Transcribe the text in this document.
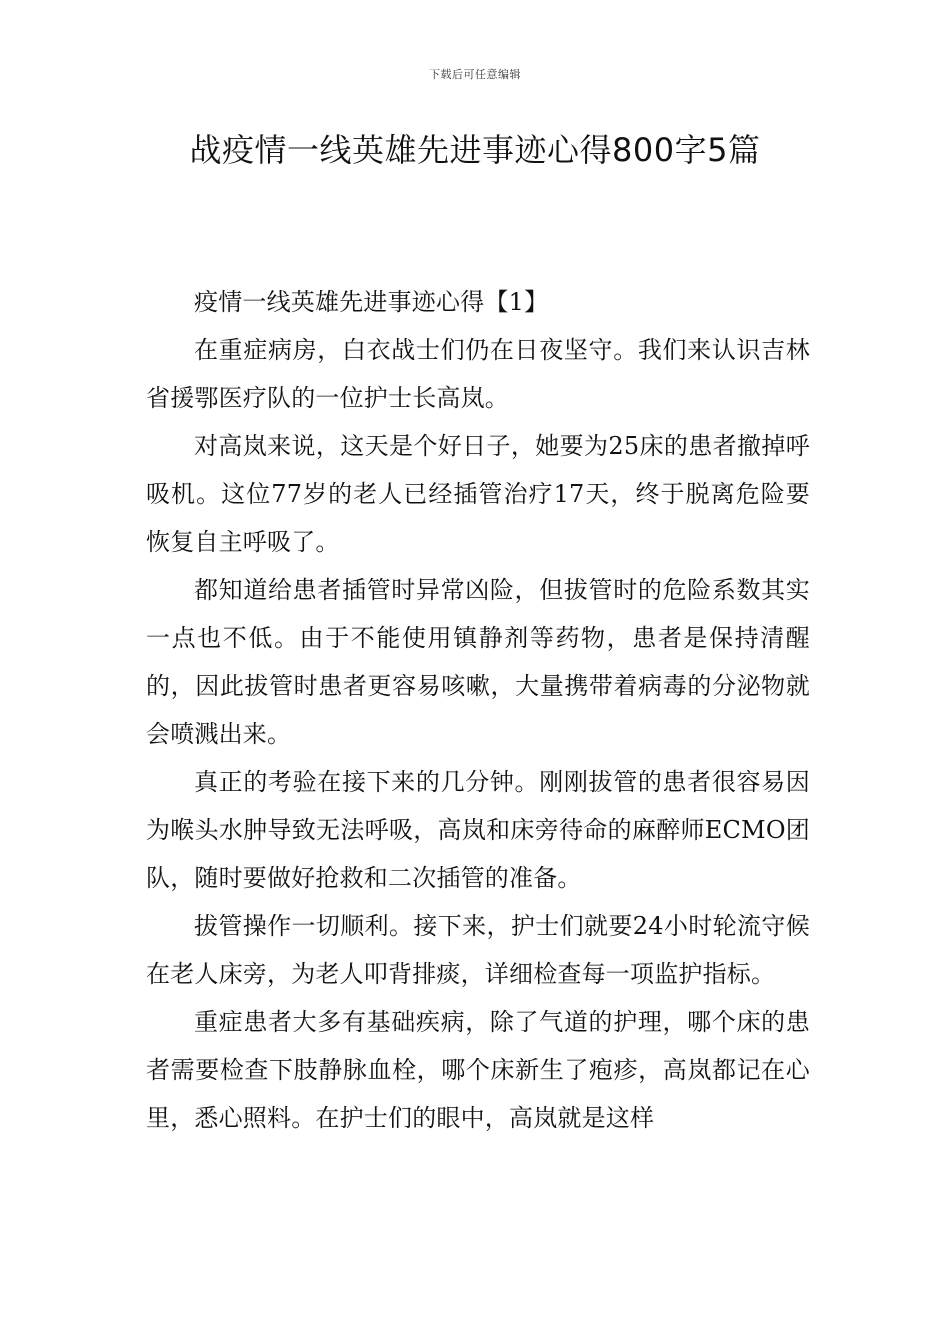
下载后可任意编辑
战疫情一线英雄先进事迹心得800字5篇

疫情一线英雄先进事迹心得【1】

在重症病房，白衣战士们仍在日夜坚守。我们来认识吉林省援鄂医疗队的一位护士长高岚。

对高岚来说，这天是个好日子，她要为25床的患者撤掉呼吸机。这位77岁的老人已经插管治疗17天，终于脱离危险要恢复自主呼吸了。

都知道给患者插管时异常凶险，但拔管时的危险系数其实一点也不低。由于不能使用镇静剂等药物，患者是保持清醒的，因此拔管时患者更容易咳嗽，大量携带着病毒的分泌物就会喷溅出来。

真正的考验在接下来的几分钟。刚刚拔管的患者很容易因为喉头水肿导致无法呼吸，高岚和床旁待命的麻醉师ECMO团队，随时要做好抢救和二次插管的准备。

拔管操作一切顺利。接下来，护士们就要24小时轮流守候在老人床旁，为老人叩背排痰，详细检查每一项监护指标。

重症患者大多有基础疾病，除了气道的护理，哪个床的患者需要检查下肢静脉血栓，哪个床新生了疱疹，高岚都记在心里，悉心照料。在护士们的眼中，高岚就是这样
